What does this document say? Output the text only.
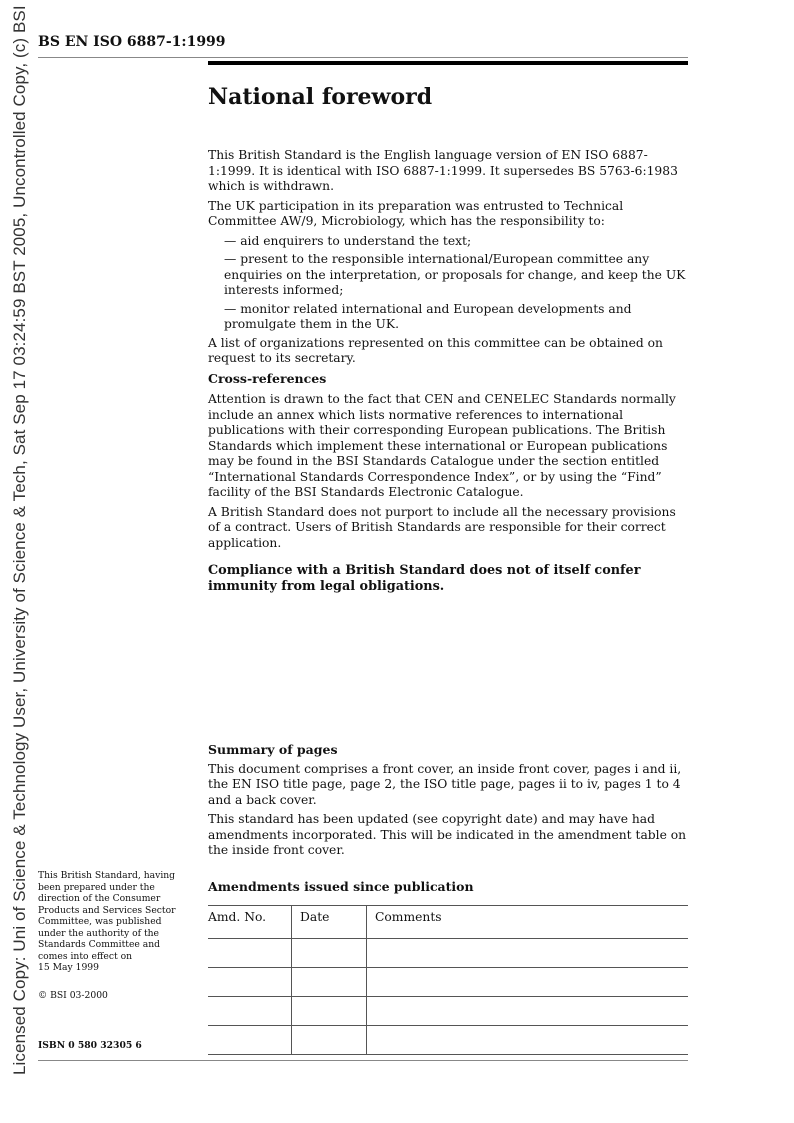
Licensed Copy: Uni of Science & Technology User, University of Science & Tech, Sat Sep 17 03:24:59 BST 2005, Uncontrolled Copy, (c) BSI BS EN ISO 6887-1:1999
National foreword

This British Standard is the English language version of EN ISO 6887-1:1999. It is identical with ISO 6887-1:1999. It supersedes BS 5763-6:1983 which is withdrawn.

The UK participation in its preparation was entrusted to Technical Committee AW/9, Microbiology, which has the responsibility to:

— aid enquirers to understand the text;
— present to the responsible international/European committee any enquiries on the interpretation, or proposals for change, and keep the UK interests informed;
— monitor related international and European developments and promulgate them in the UK.

A list of organizations represented on this committee can be obtained on request to its secretary.

Cross-references

Attention is drawn to the fact that CEN and CENELEC Standards normally include an annex which lists normative references to international publications with their corresponding European publications. The British Standards which implement these international or European publications may be found in the BSI Standards Catalogue under the section entitled “International Standards Correspondence Index”, or by using the “Find” facility of the BSI Standards Electronic Catalogue.

A British Standard does not purport to include all the necessary provisions of a contract. Users of British Standards are responsible for their correct application.

Compliance with a British Standard does not of itself confer immunity from legal obligations.

Summary of pages

This document comprises a front cover, an inside front cover, pages i and ii, the EN ISO title page, page 2, the ISO title page, pages ii to iv, pages 1 to 4 and a back cover.

This standard has been updated (see copyright date) and may have had amendments incorporated. This will be indicated in the amendment table on the inside front cover.

Amendments issued since publication
Amd. No.	Date	Comments

This British Standard, having been prepared under the direction of the Consumer Products and Services Sector Committee, was published under the authority of the Standards Committee and comes into effect on

15 May 1999

© BSI 03-2000
ISBN 0 580 32305 6
